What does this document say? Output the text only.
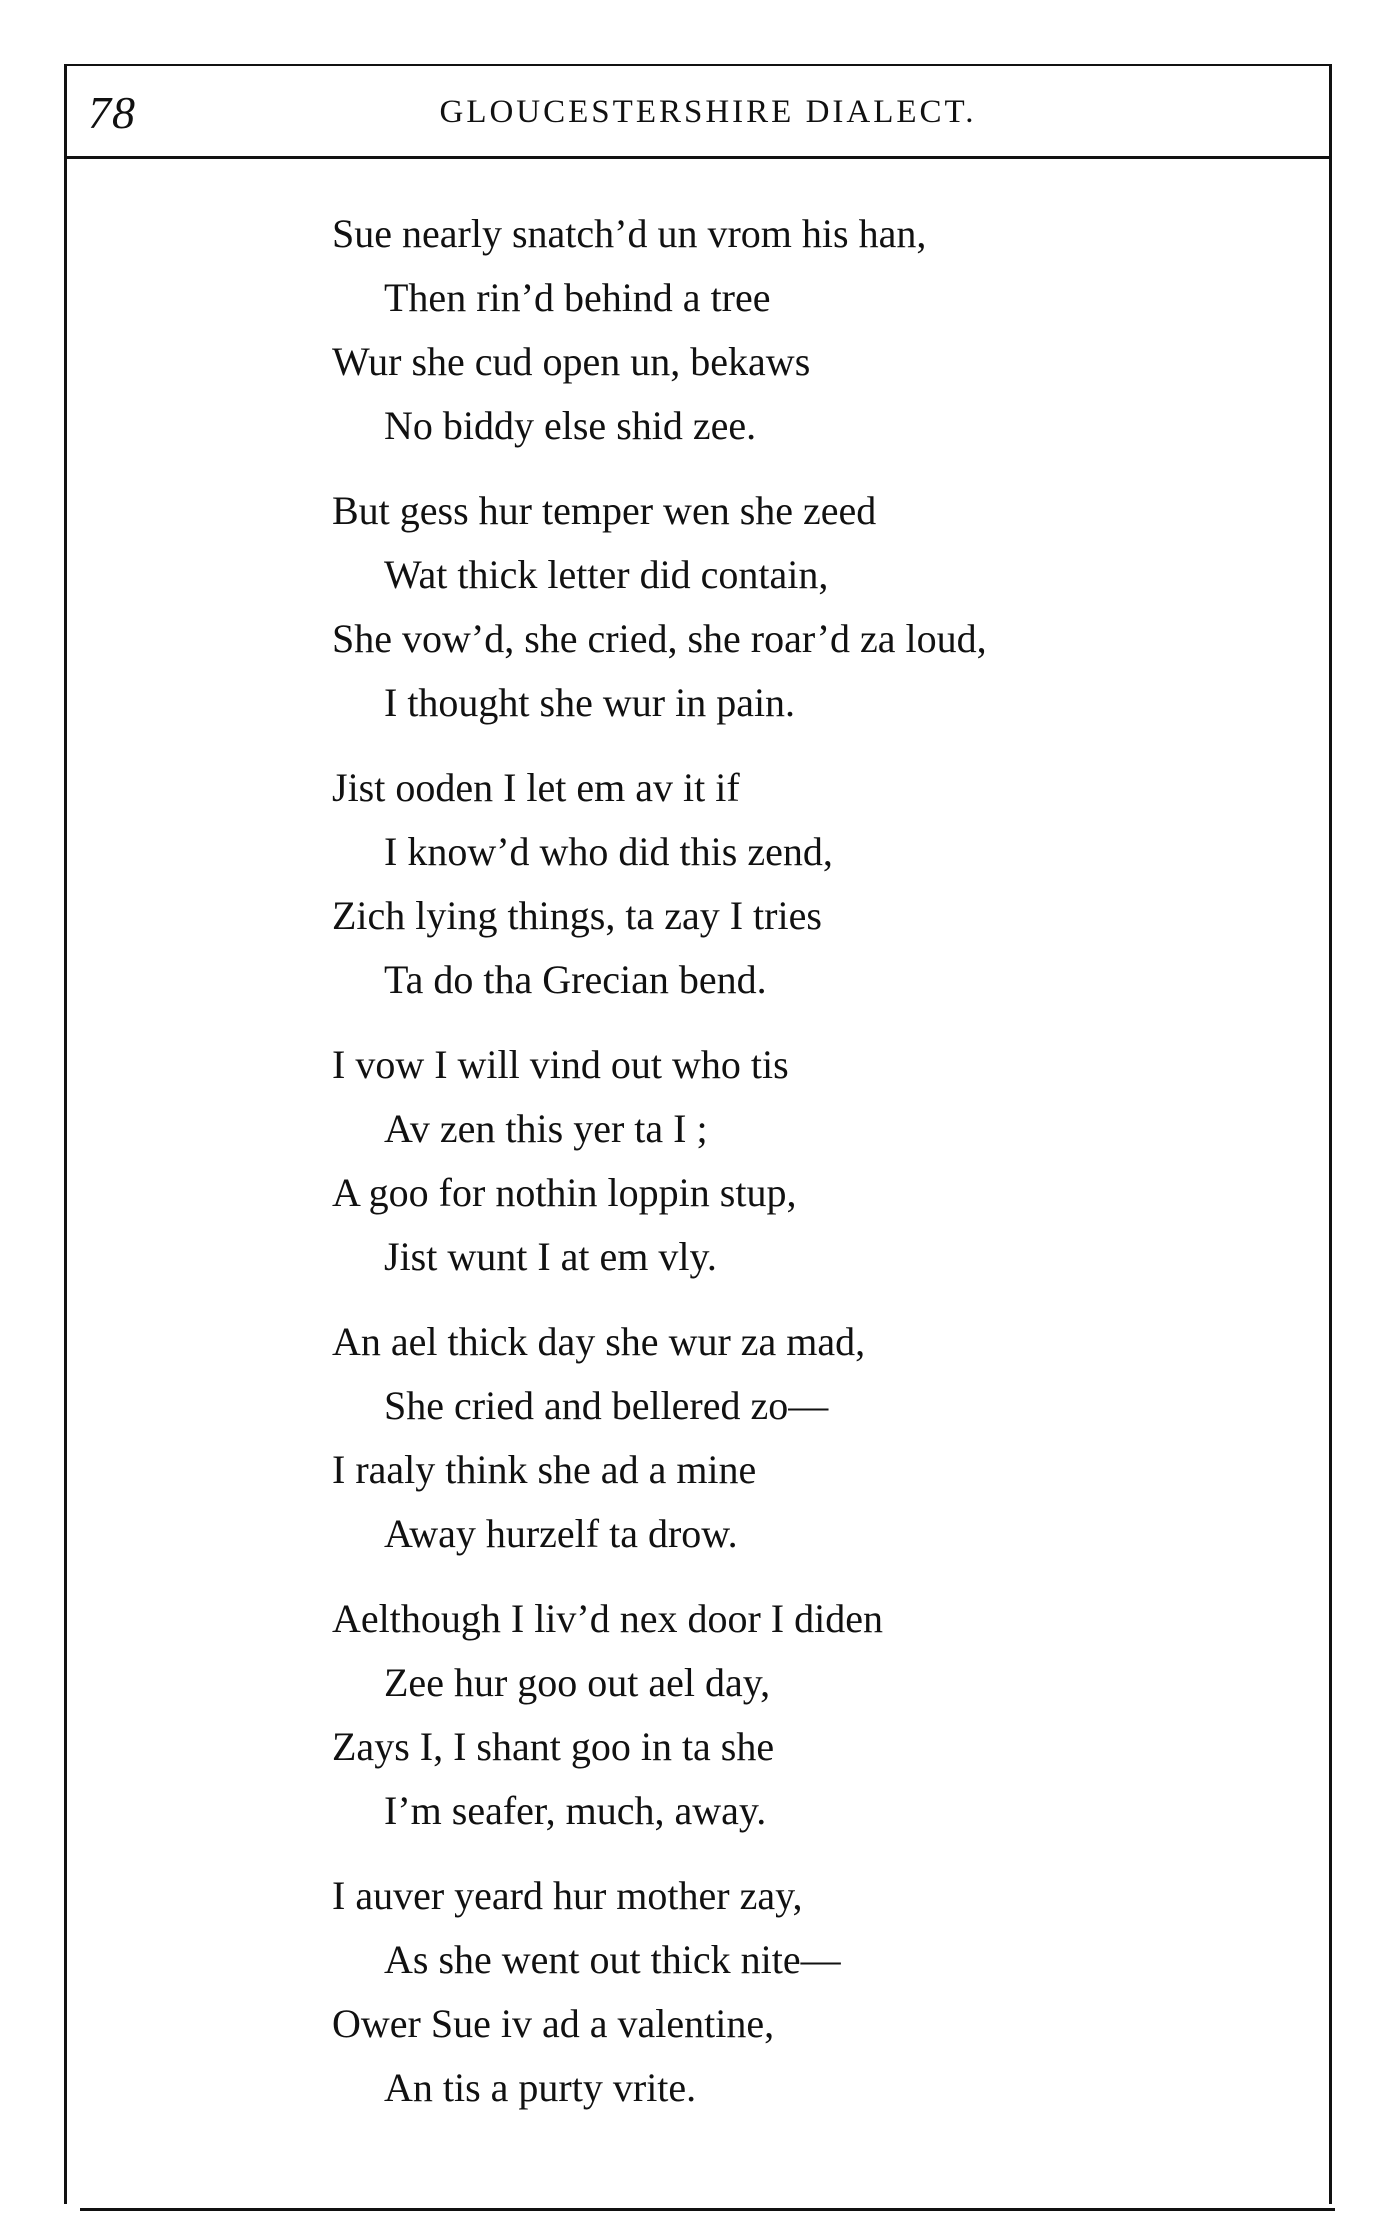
78	GLOUCESTERSHIRE DIALECT.
Sue nearly snatch’d un vrom his han,
Then rin’d behind a tree
Wur she cud open un, bekaws
No biddy else shid zee.
But gess hur temper wen she zeed
Wat thick letter did contain,
She vow’d, she cried, she roar’d za loud,
I thought she wur in pain.
Jist ooden I let em av it if
I know’d who did this zend,
Zich lying things, ta zay I tries
Ta do tha Grecian bend.
I vow I will vind out who tis
Av zen this yer ta I ;
A goo for nothin loppin stup,
Jist wunt I at em vly.
An ael thick day she wur za mad,
She cried and bellered zo—
I raaly think she ad a mine
Away hurzelf ta drow.
Aelthough I liv’d nex door I diden
Zee hur goo out ael day,
Zays I, I shant goo in ta she
I’m seafer, much, away.
I auver yeard hur mother zay,
As she went out thick nite—
Ower Sue iv ad a valentine,
An tis a purty vrite.
